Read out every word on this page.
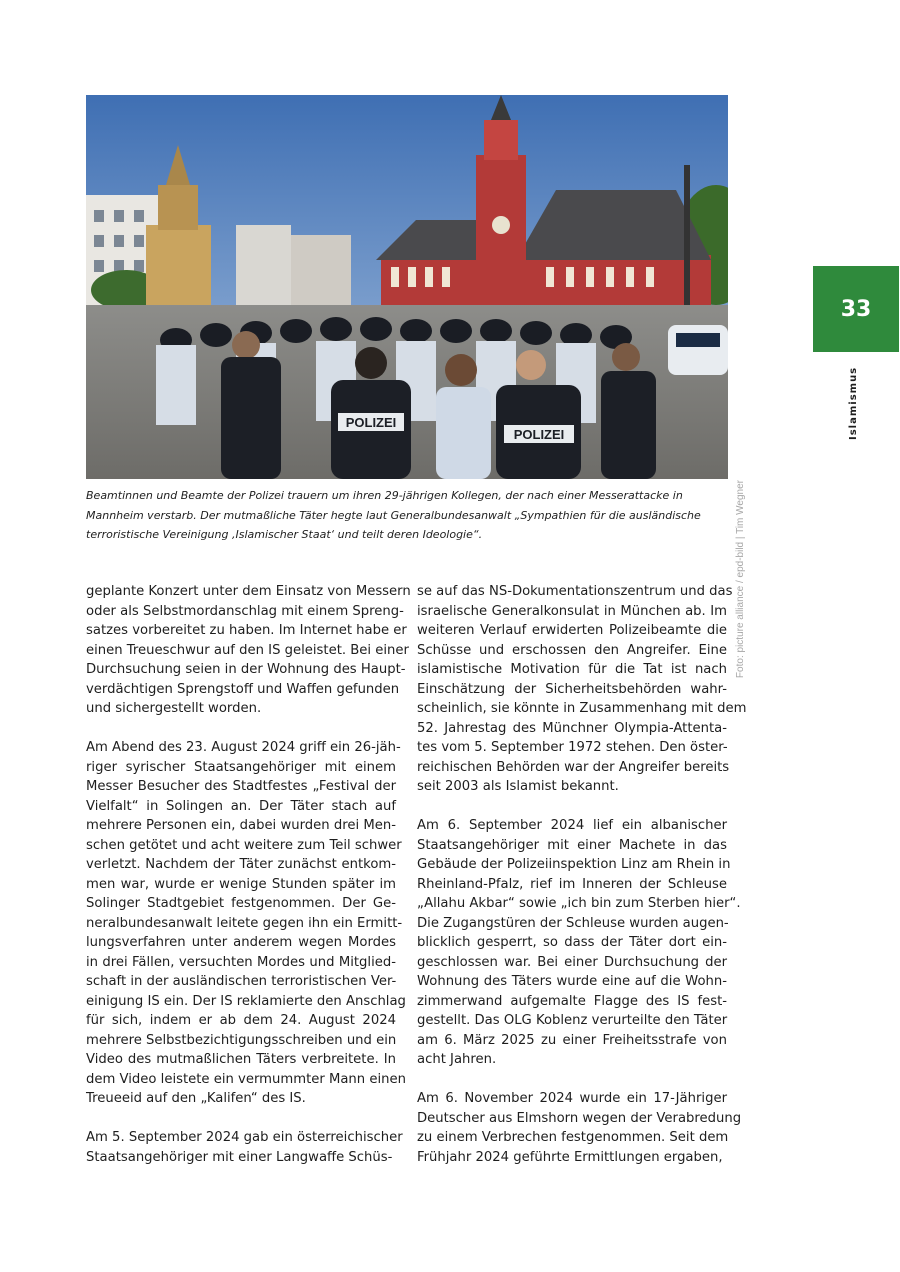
POLIZEI
POLIZEI
Foto: picture alliance / epd-bild | Tim Wegner

Beamtinnen und Beamte der Polizei trauern um ihren 29-jährigen Kollegen, der nach einer Messerattacke in

Mannheim verstarb. Der mutmaßliche Täter hegte laut Generalbundesanwalt „Sympathien für die ausländische

terroristische Vereinigung ‚Islamischer Staat‘ und teilt deren Ideologie“.

33
Islamismus

geplante Konzert unter dem Einsatz von Messern
oder als Selbstmordanschlag mit einem Spreng-
satzes vorbereitet zu haben. Im Internet habe er
einen Treueschwur auf den IS geleistet. Bei einer
Durchsuchung seien in der Wohnung des Haupt-
verdächtigen Sprengstoff und Waffen gefunden
und sichergestellt worden.

Am Abend des 23. August 2024 griff ein 26-jäh-
riger syrischer Staatsangehöriger mit einem
Messer Besucher des Stadtfestes „Festival der
Vielfalt“ in Solingen an. Der Täter stach auf
mehrere Personen ein, dabei wurden drei Men-
schen getötet und acht weitere zum Teil schwer
verletzt. Nachdem der Täter zunächst entkom-
men war, wurde er wenige Stunden später im
Solinger Stadtgebiet festgenommen. Der Ge-
neralbundesanwalt leitete gegen ihn ein Ermitt-
lungsverfahren unter anderem wegen Mordes
in drei Fällen, versuchten Mordes und Mitglied-
schaft in der ausländischen terroristischen Ver-
einigung IS ein. Der IS reklamierte den Anschlag
für sich, indem er ab dem 24. August 2024
mehrere Selbstbezichtigungsschreiben und ein
Video des mutmaßlichen Täters verbreitete. In
dem Video leistete ein vermummter Mann einen
Treueeid auf den „Kalifen“ des IS.

Am 5. September 2024 gab ein österreichischer
Staatsangehöriger mit einer Langwaffe Schüs-

se auf das NS-Dokumentationszentrum und das
israelische Generalkonsulat in München ab. Im
weiteren Verlauf erwiderten Polizeibeamte die
Schüsse und erschossen den Angreifer. Eine
islamistische Motivation für die Tat ist nach
Einschätzung der Sicherheitsbehörden wahr-
scheinlich, sie könnte in Zusammenhang mit dem
52. Jahrestag des Münchner Olympia-Attenta-
tes vom 5. September 1972 stehen. Den öster-
reichischen Behörden war der Angreifer bereits
seit 2003 als Islamist bekannt.

Am 6. September 2024 lief ein albanischer
Staatsangehöriger mit einer Machete in das
Gebäude der Polizeiinspektion Linz am Rhein in
Rheinland-Pfalz, rief im Inneren der Schleuse
„Allahu Akbar“ sowie „ich bin zum Sterben hier“.
Die Zugangstüren der Schleuse wurden augen-
blicklich gesperrt, so dass der Täter dort ein-
geschlossen war. Bei einer Durchsuchung der
Wohnung des Täters wurde eine auf die Wohn-
zimmerwand aufgemalte Flagge des IS fest-
gestellt. Das OLG Koblenz verurteilte den Täter
am 6. März 2025 zu einer Freiheitsstrafe von
acht Jahren.

Am 6. November 2024 wurde ein 17-Jähriger
Deutscher aus Elmshorn wegen der Verabredung
zu einem Verbrechen festgenommen. Seit dem
Frühjahr 2024 geführte Ermittlungen ergaben,
